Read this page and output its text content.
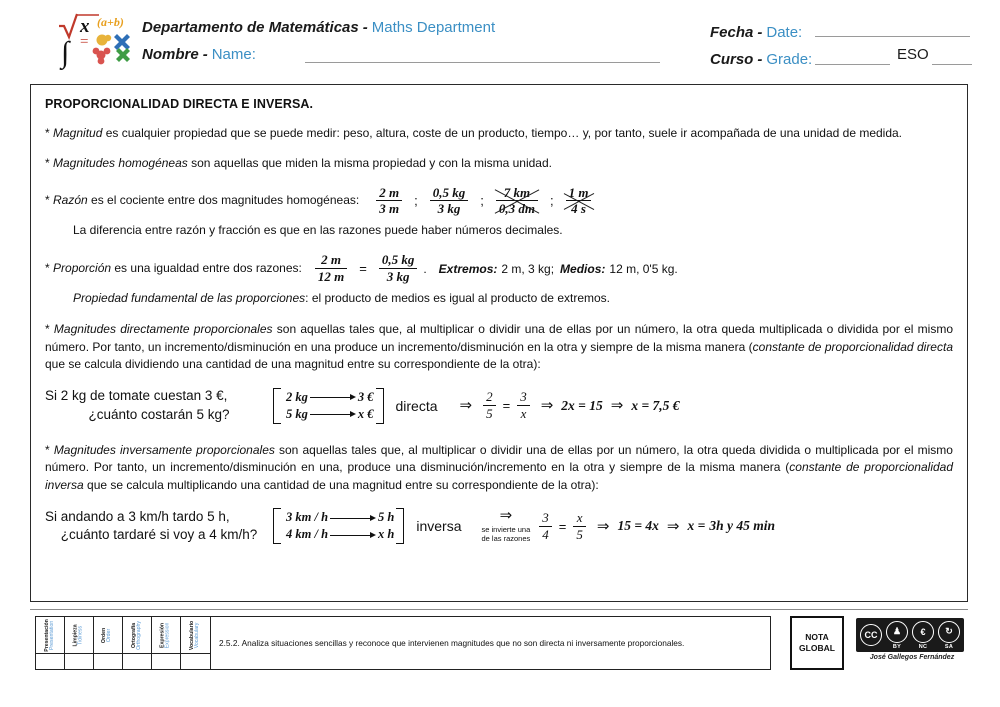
x
∫ =
(a+b) Departamento de Matemáticas - Maths Department
Nombre - Name:
Fecha - Date:
Curso - Grade:	ESO
PROPORCIONALIDAD DIRECTA E INVERSA.

* Magnitud es cualquier propiedad que se puede medir: peso, altura, coste de un producto, tiempo… y, por tanto, suele ir acompañada de una unidad de medida.

* Magnitudes homogéneas son aquellas que miden la misma propiedad y con la misma unidad.

* Razón es el cociente entre dos magnitudes homogéneas: $\frac{2 m}{3 m}$ ; $\frac{0,5 kg}{3 kg}$ ; $\frac{7 km}{0,3 dm}$ ; $\frac{1 m}{4 s}$

La diferencia entre razón y fracción es que en las razones puede haber números decimales.

* Proporción es una igualdad entre dos razones: $\frac{2 m}{12 m} = \frac{0,5 kg}{3 kg}$ . Extremos: 2 m, 3 kg; Medios: 12 m, 0'5 kg.

Propiedad fundamental de las proporciones: el producto de medios es igual al producto de extremos.

* Magnitudes directamente proporcionales son aquellas tales que, al multiplicar o dividir una de ellas por un número, la otra queda multiplicada o dividida por el mismo número. Por tanto, un incremento/disminución en una produce un incremento/disminución en la otra y siempre de la misma manera (constante de proporcionalidad directa que se calcula dividiendo una cantidad de una magnitud entre su correspondiente de la otra):

Si 2 kg de tomate cuestan 3 €,
¿cuánto costarán 5 kg?
2 kg	3 €
5 kg	x € directa	⇒ $\frac{2}{5} = \frac{3}{x}$ ⇒ 2x = 15 ⇒ x = 7,5 €

* Magnitudes inversamente proporcionales son aquellas tales que, al multiplicar o dividir una de ellas por un número, la otra queda dividida o multiplicada por el mismo número. Por tanto, un incremento/disminución en una, produce una disminución/incremento en la otra y siempre de la misma manera (constante de proporcionalidad inversa que se calcula multiplicando una cantidad de una magnitud entre su correspondiente de la otra):

Si andando a 3 km/h tardo 5 h,
¿cuánto tardaré si voy a 4 km/h?
3 km / h	5 h
4 km / h	x h inversa
⇒
se invierte una
de las razones $\frac{3}{4} = \frac{x}{5}$ ⇒ 15 = 4x ⇒ x = 3h y 45 min
Presentación Presentation	Limpieza Tidiness	Orden Order	Ortografía Orthography	Expresión Expression	Vocabulario Vocabulary 2.5.2. Analiza situaciones sencillas y reconoce que intervienen magnitudes que no son directa ni inversamente proporcionales.
NOTA
GLOBAL
CC	♟
BY
€
NC
↻
SA
José Gallegos Fernández
